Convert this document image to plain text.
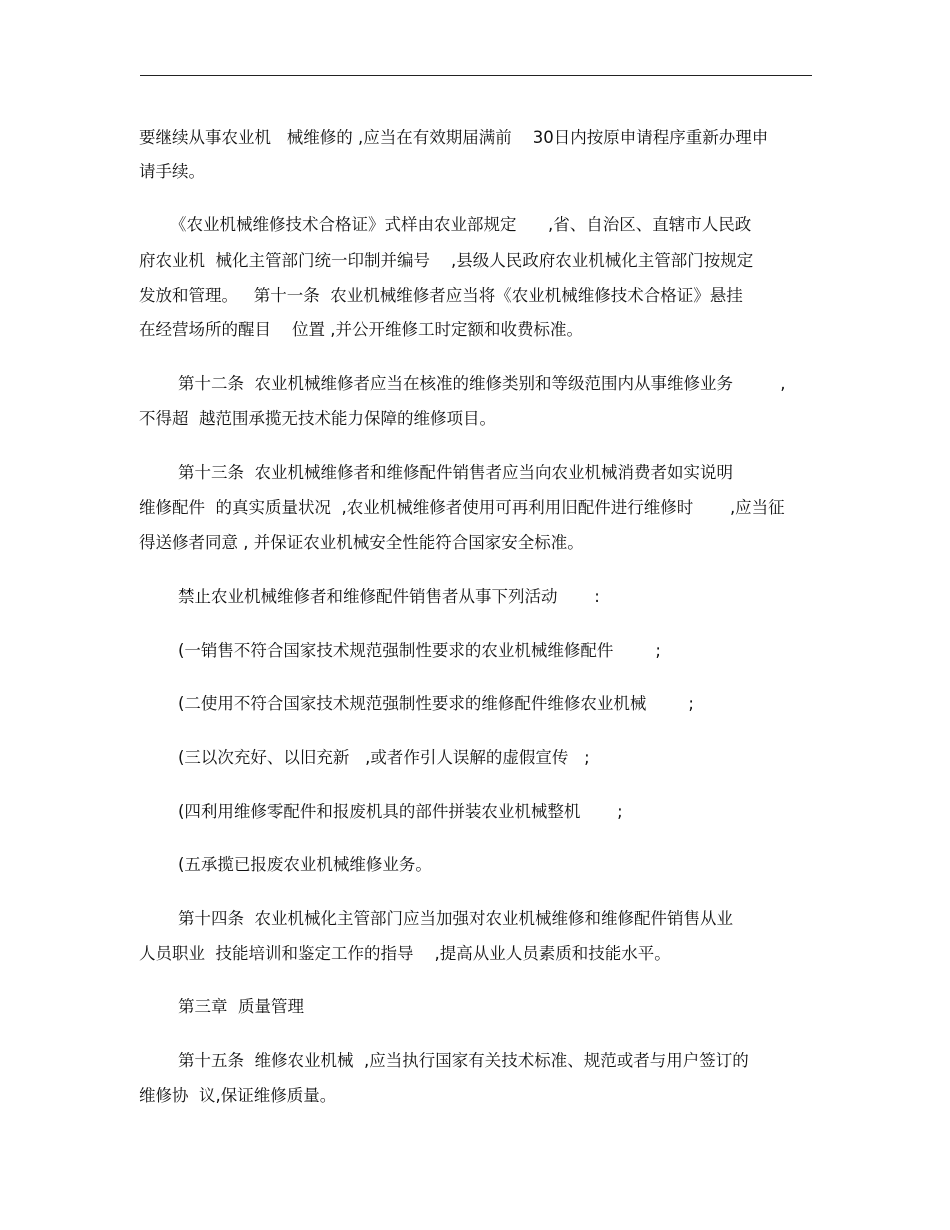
要继续从事农业机   械维修的 ,应当在有效期届满前    30日内按原申请程序重新办理申
请手续。
《农业机械维修技术合格证》式样由农业部规定      ,省、自治区、直辖市人民政
府农业机  械化主管部门统一印制并编号    ,县级人民政府农业机械化主管部门按规定
发放和管理。   第十一条  农业机械维修者应当将《农业机械维修技术合格证》悬挂
在经营场所的醒目    位置 ,并公开维修工时定额和收费标准。
第十二条  农业机械维修者应当在核准的维修类别和等级范围内从事维修业务         ,
不得超  越范围承揽无技术能力保障的维修项目。
第十三条  农业机械维修者和维修配件销售者应当向农业机械消费者如实说明
维修配件  的真实质量状况  ,农业机械维修者使用可再利用旧配件进行维修时       ,应当征
得送修者同意 , 并保证农业机械安全性能符合国家安全标准。
禁止农业机械维修者和维修配件销售者从事下列活动       :
(一销售不符合国家技术规范强制性要求的农业机械维修配件        ;
(二使用不符合国家技术规范强制性要求的维修配件维修农业机械        ;
(三以次充好、以旧充新   ,或者作引人误解的虚假宣传   ;
(四利用维修零配件和报废机具的部件拼装农业机械整机       ;
(五承揽已报废农业机械维修业务。
第十四条  农业机械化主管部门应当加强对农业机械维修和维修配件销售从业
人员职业  技能培训和鉴定工作的指导    ,提高从业人员素质和技能水平。
第三章  质量管理
第十五条  维修农业机械  ,应当执行国家有关技术标准、规范或者与用户签订的
维修协  议,保证维修质量。
